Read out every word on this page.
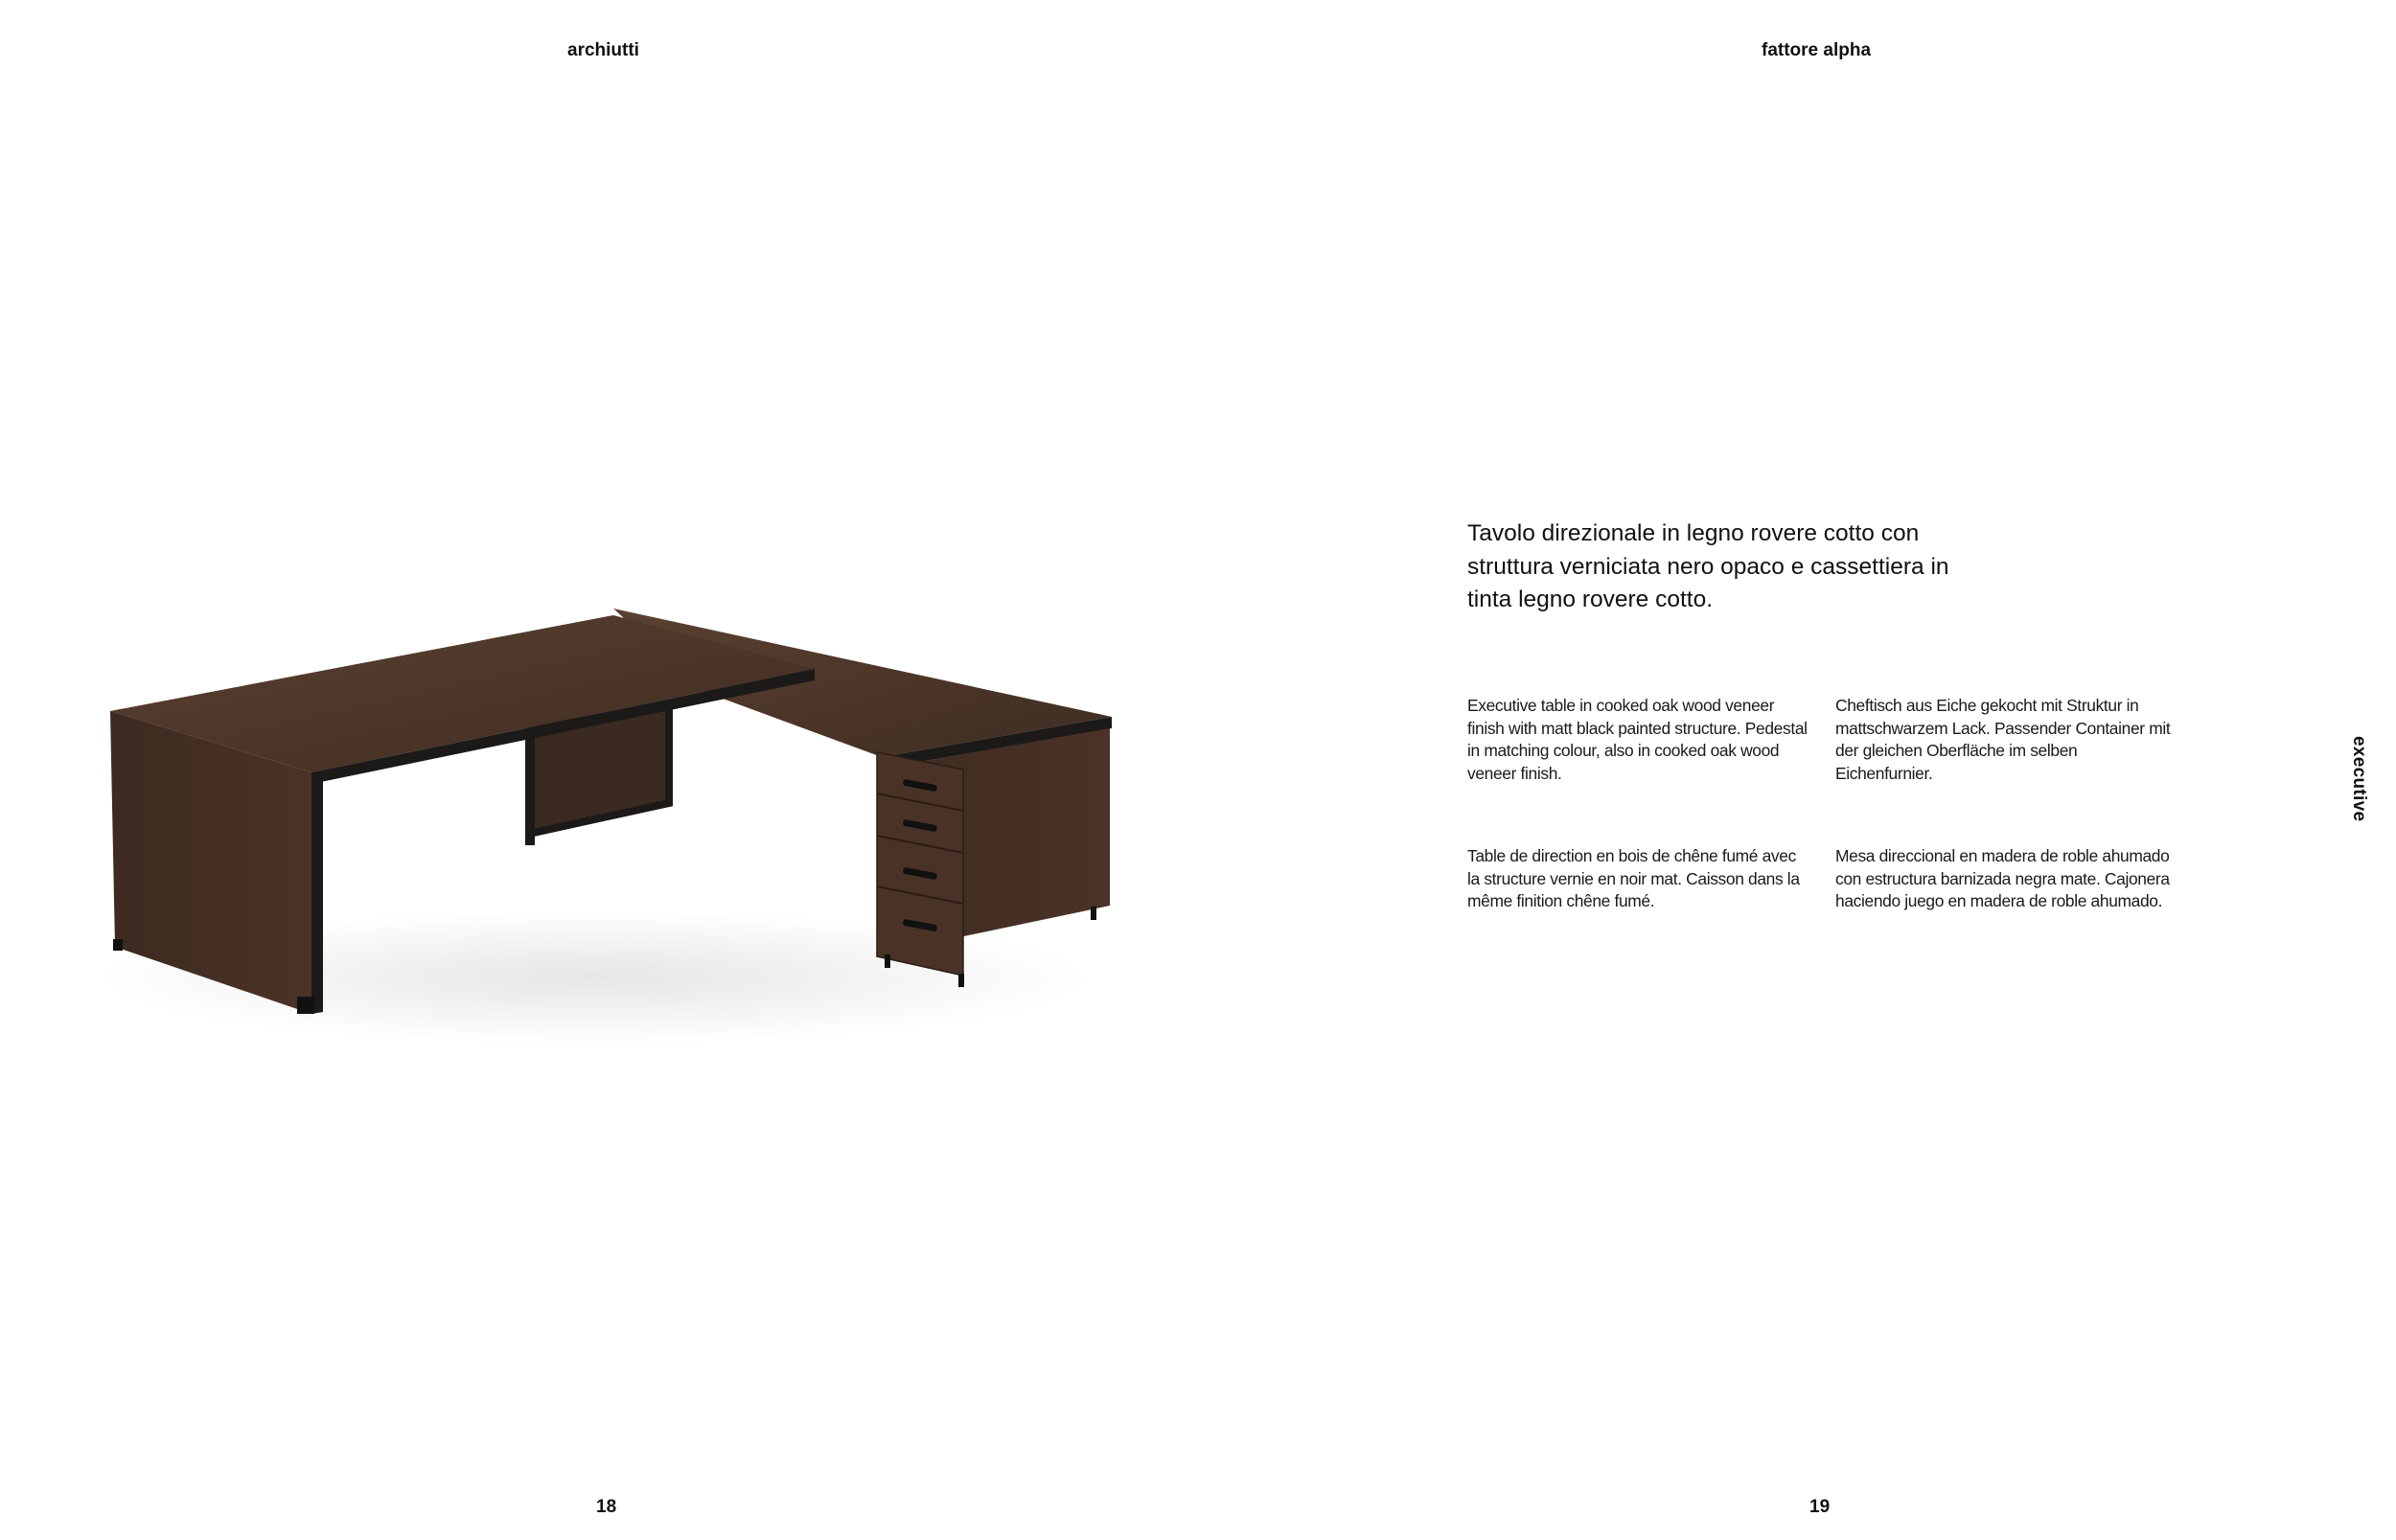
archiutti	fattore alpha
Tavolo direzionale in legno rovere cotto con struttura verniciata nero opaco e cassettiera in tinta legno rovere cotto.
Executive table in cooked oak wood veneer finish with matt black painted structure. Pedestal in matching colour, also in cooked oak wood veneer finish.
Cheftisch aus Eiche gekocht mit Struktur in mattschwarzem Lack. Passender Container mit der gleichen Oberfläche im selben Eichenfurnier.
Table de direction en bois de chêne fumé avec la structure vernie en noir mat. Caisson dans la même finition chêne fumé.
Mesa direccional en madera de roble ahumado con estructura barnizada negra mate. Cajonera haciendo juego en madera de roble ahumado.
executive
18	19
